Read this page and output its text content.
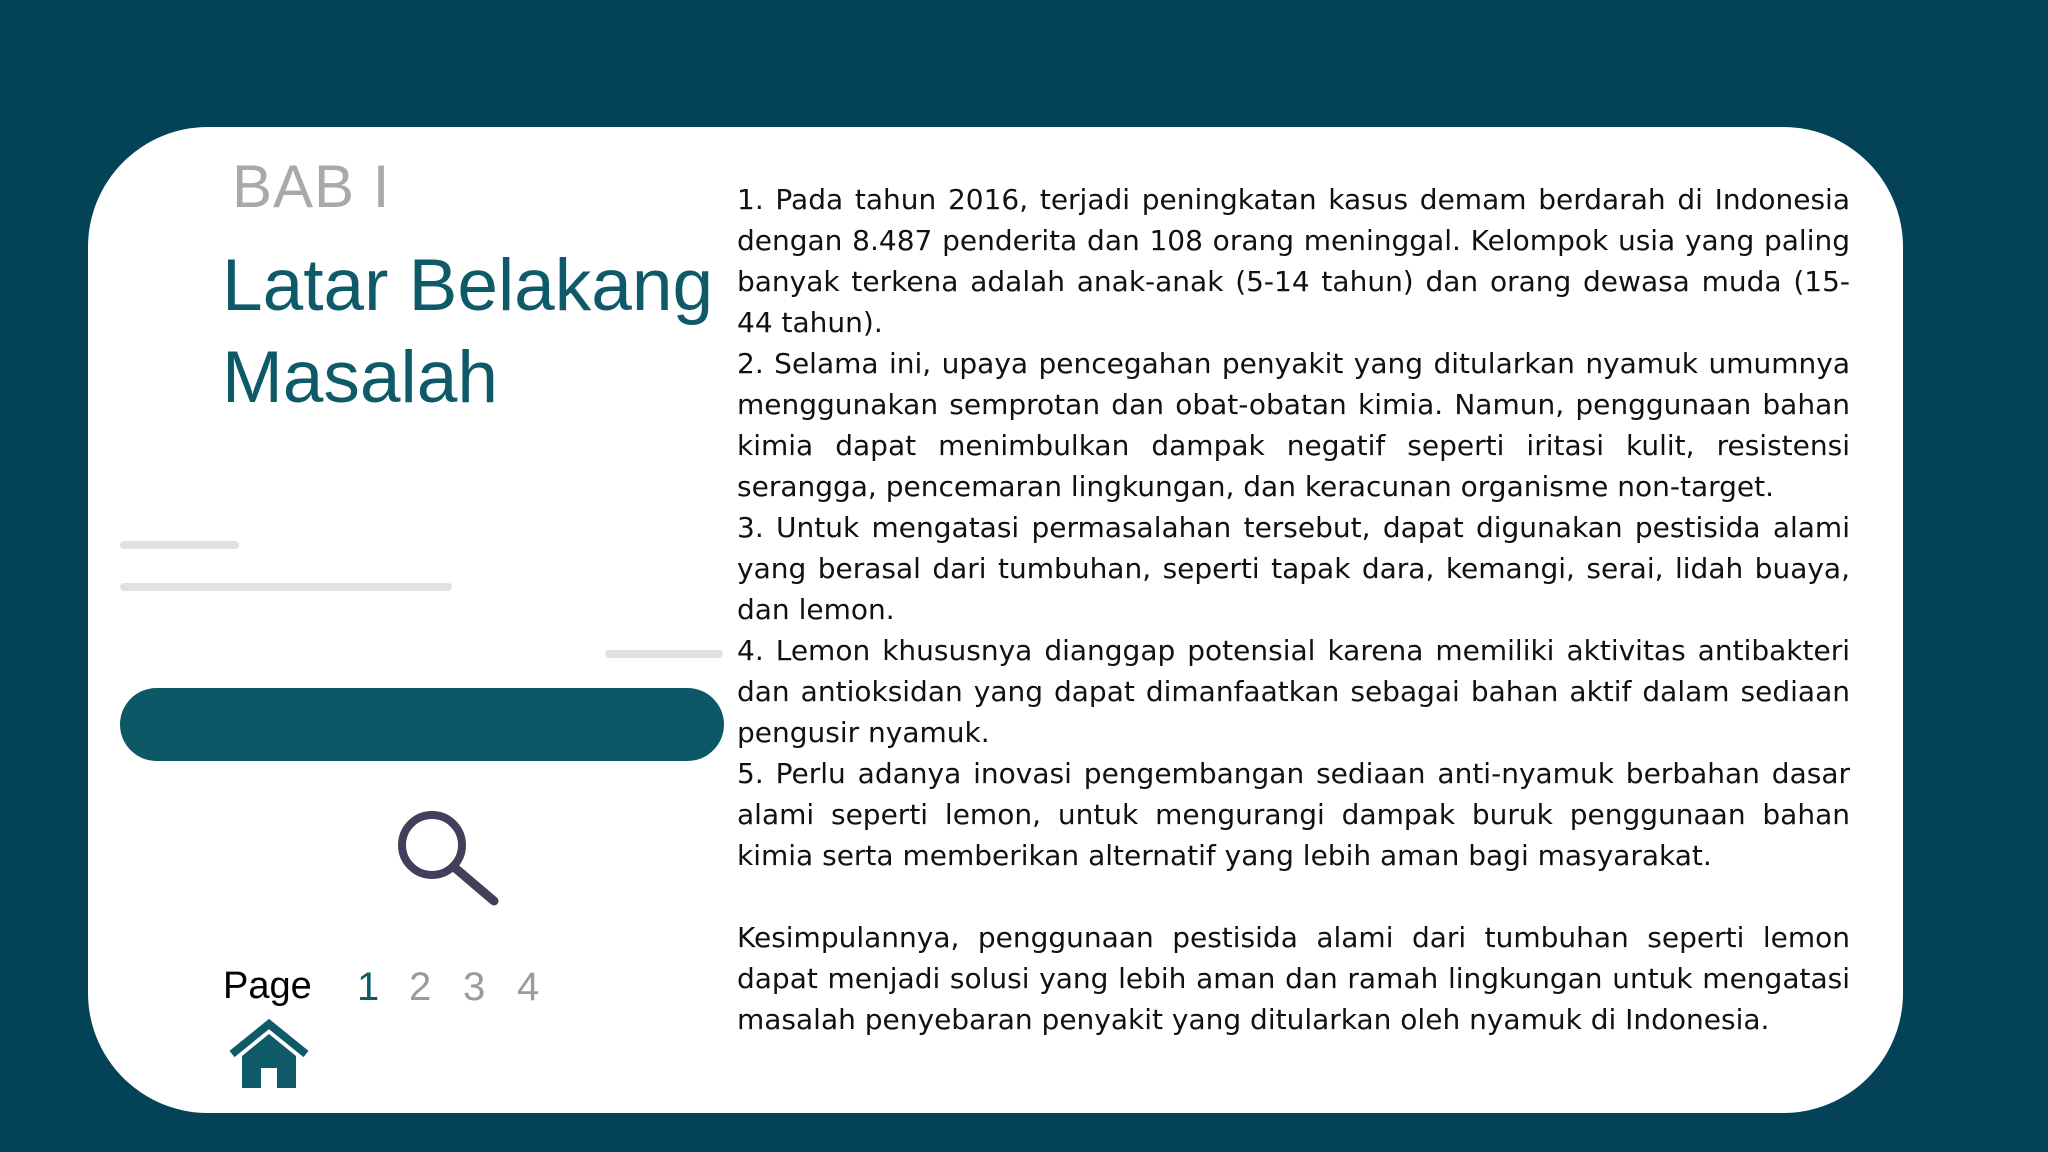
BAB I
Latar Belakang Masalah
Page 1 2 3 4

1. Pada tahun 2016, terjadi peningkatan kasus demam berdarah di Indonesia dengan 8.487 penderita dan 108 orang meninggal. Kelompok usia yang paling banyak terkena adalah anak-anak (5-14 tahun) dan orang dewasa muda (15-44 tahun).

2. Selama ini, upaya pencegahan penyakit yang ditularkan nyamuk umumnya menggunakan semprotan dan obat-obatan kimia. Namun, penggunaan bahan kimia dapat menimbulkan dampak negatif seperti iritasi kulit, resistensi serangga, pencemaran lingkungan, dan keracunan organisme non-target.

3. Untuk mengatasi permasalahan tersebut, dapat digunakan pestisida alami yang berasal dari tumbuhan, seperti tapak dara, kemangi, serai, lidah buaya, dan lemon.

4. Lemon khususnya dianggap potensial karena memiliki aktivitas antibakteri dan antioksidan yang dapat dimanfaatkan sebagai bahan aktif dalam sediaan pengusir nyamuk.

5. Perlu adanya inovasi pengembangan sediaan anti-nyamuk berbahan dasar alami seperti lemon, untuk mengurangi dampak buruk penggunaan bahan kimia serta memberikan alternatif yang lebih aman bagi masyarakat.

Kesimpulannya, penggunaan pestisida alami dari tumbuhan seperti lemon dapat menjadi solusi yang lebih aman dan ramah lingkungan untuk mengatasi masalah penyebaran penyakit yang ditularkan oleh nyamuk di Indonesia.
